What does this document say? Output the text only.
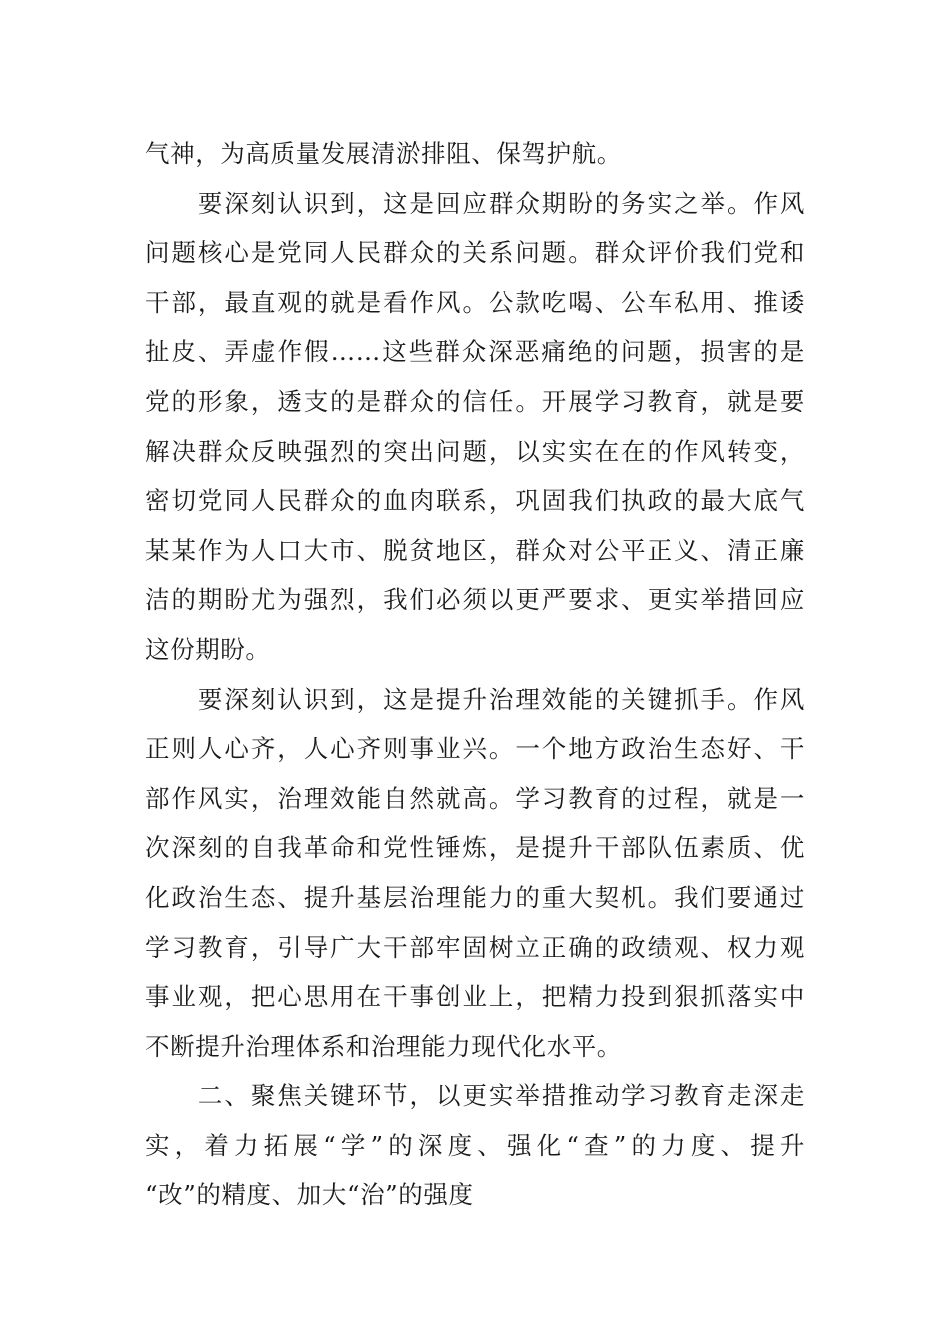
气神，为高质量发展清淤排阻、保驾护航。
　　要深刻认识到，这是回应群众期盼的务实之举。作风
问题核心是党同人民群众的关系问题。群众评价我们党和
干部，最直观的就是看作风。公款吃喝、公车私用、推诿
扯皮、弄虚作假……这些群众深恶痛绝的问题，损害的是
党的形象，透支的是群众的信任。开展学习教育，就是要
解决群众反映强烈的突出问题，以实实在在的作风转变，
密切党同人民群众的血肉联系，巩固我们执政的最大底气
某某作为人口大市、脱贫地区，群众对公平正义、清正廉
洁的期盼尤为强烈，我们必须以更严要求、更实举措回应
这份期盼。
　　要深刻认识到，这是提升治理效能的关键抓手。作风
正则人心齐，人心齐则事业兴。一个地方政治生态好、干
部作风实，治理效能自然就高。学习教育的过程，就是一
次深刻的自我革命和党性锤炼，是提升干部队伍素质、优
化政治生态、提升基层治理能力的重大契机。我们要通过
学习教育，引导广大干部牢固树立正确的政绩观、权力观
事业观，把心思用在干事创业上，把精力投到狠抓落实中
不断提升治理体系和治理能力现代化水平。
　　二、聚焦关键环节，以更实举措推动学习教育走深走
实，着力拓展“学”的深度、强化“查”的力度、提升
“改”的精度、加大“治”的强度
